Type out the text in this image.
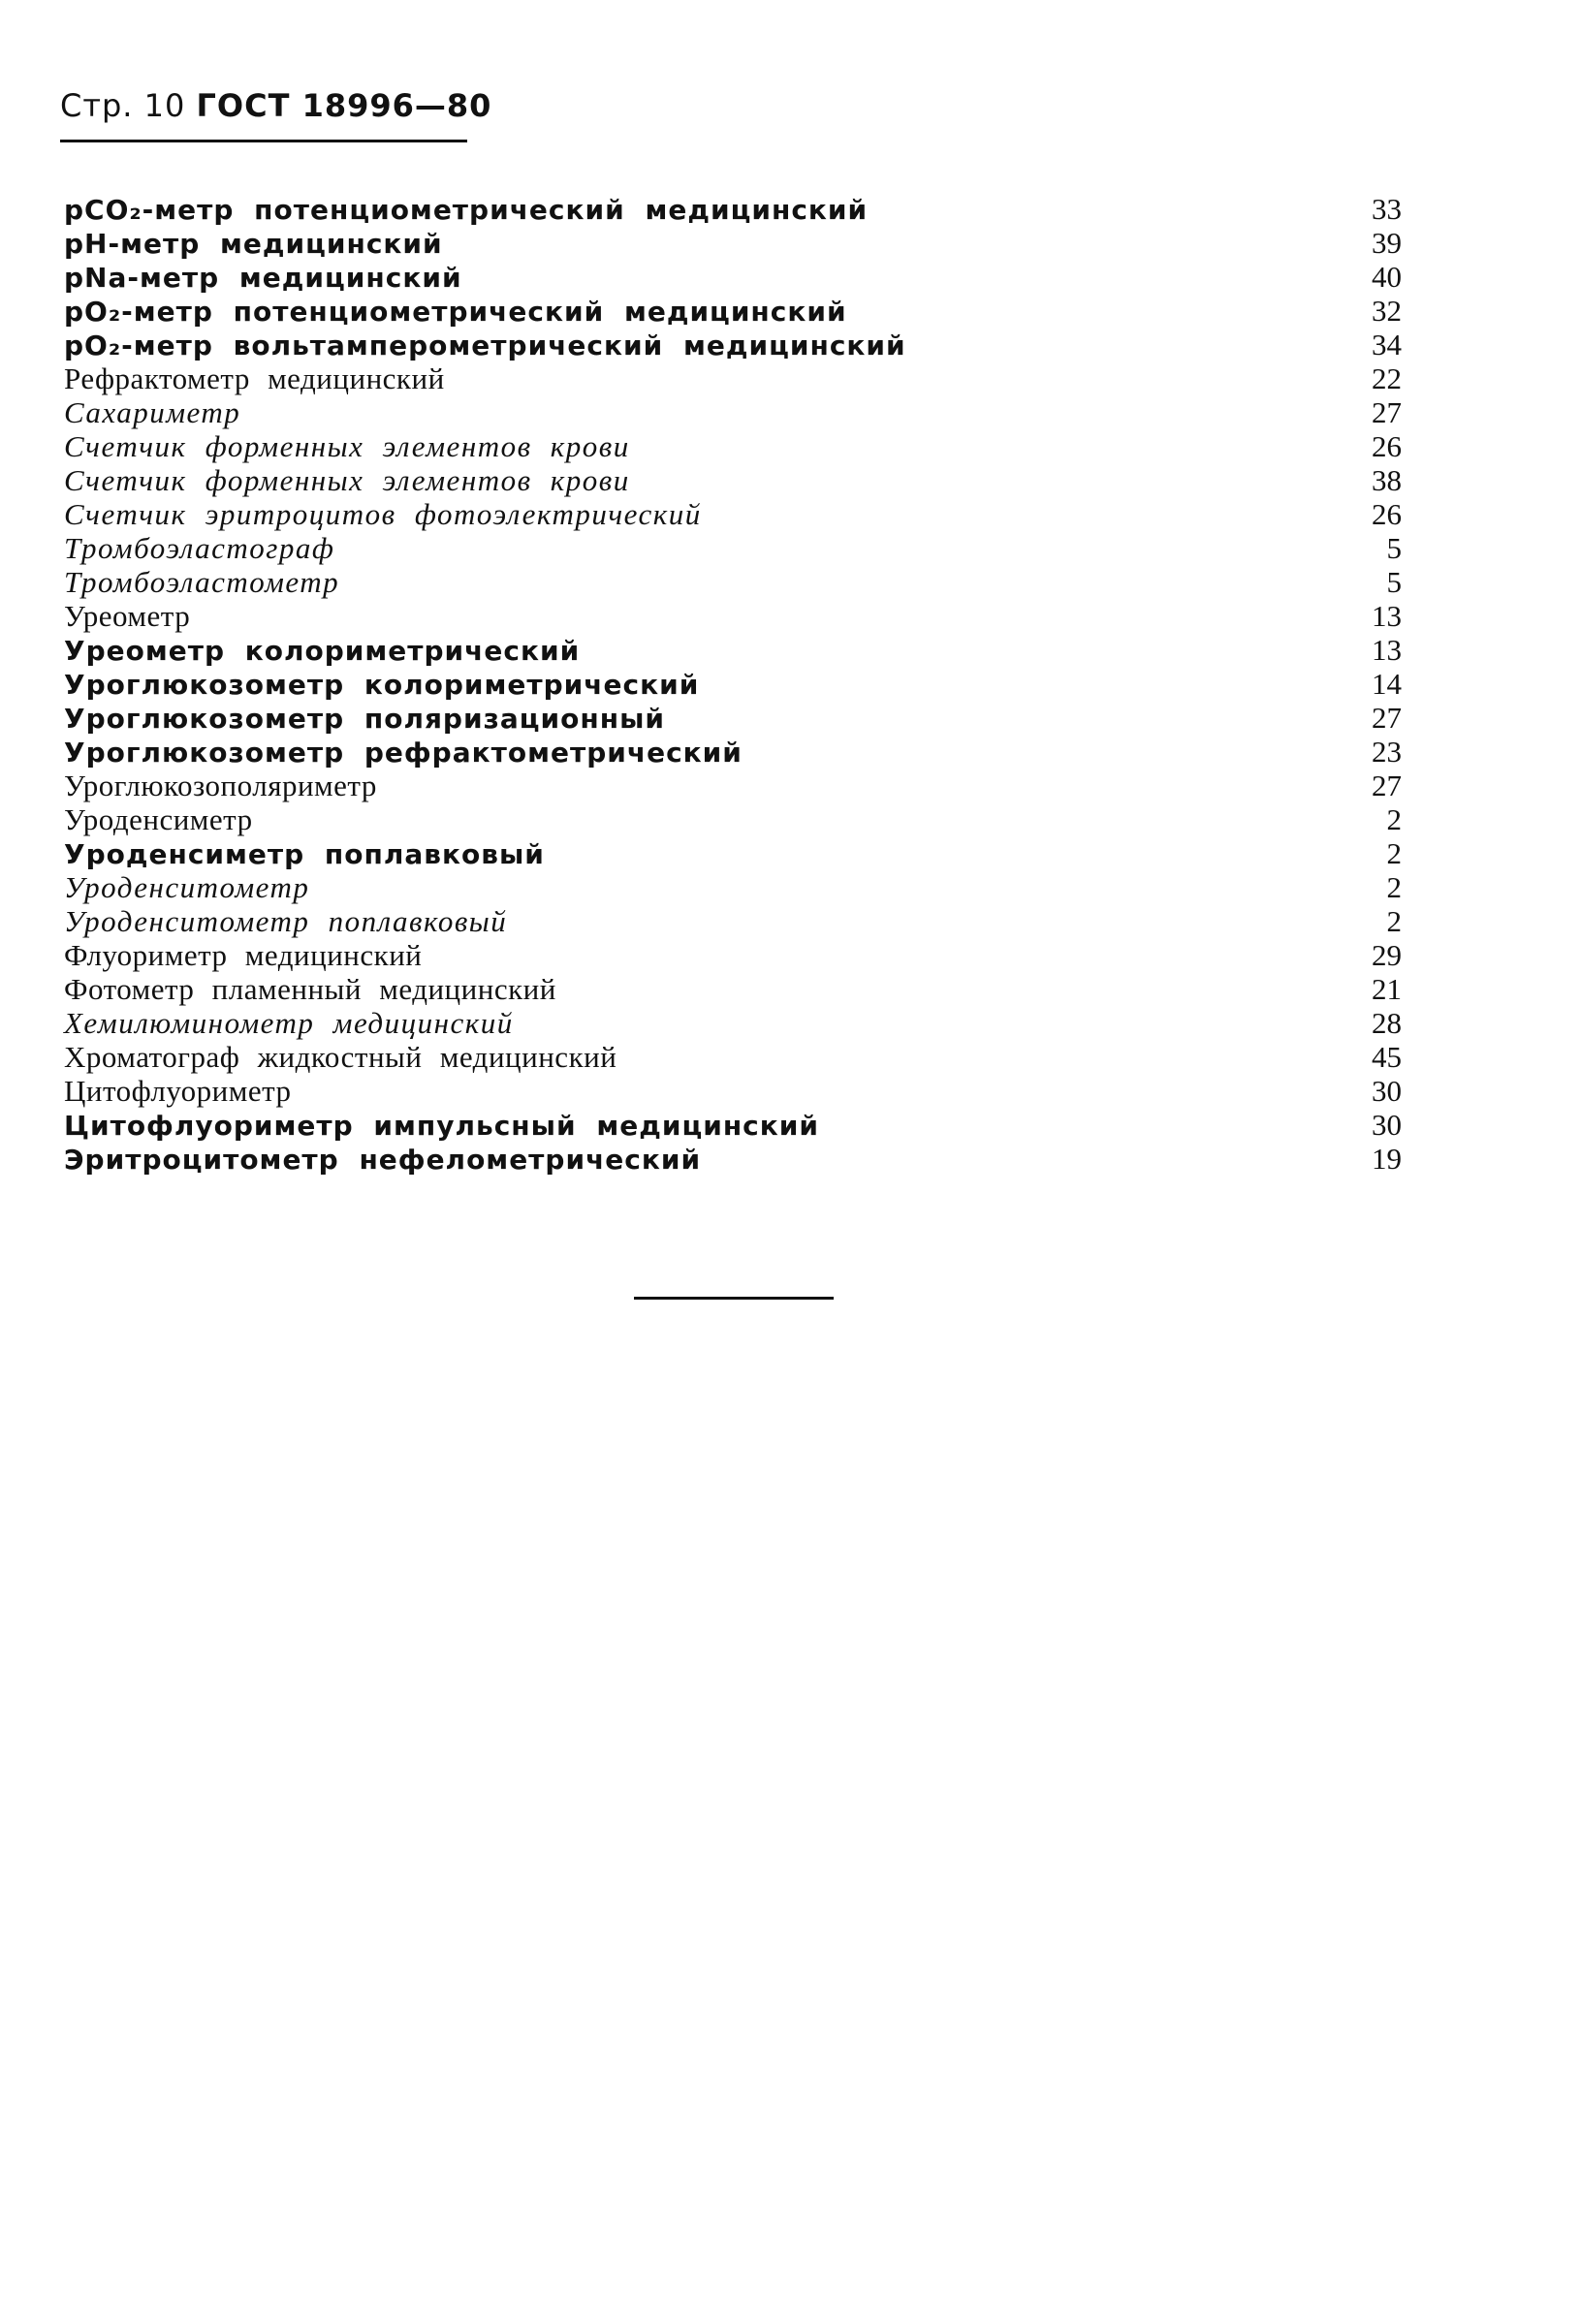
Стр. 10 ГОСТ 18996—80
pCO₂-метр потенциометрический медицинский	33
pH-метр медицинский	39
pNa-метр медицинский	40
pO₂-метр потенциометрический медицинский	32
pO₂-метр вольтамперометрический медицинский	34
Рефрактометр медицинский	22
Сахариметр	27
Счетчик форменных элементов крови	26
Счетчик форменных элементов крови	38
Счетчик эритроцитов фотоэлектрический	26
Тромбоэластограф	5
Тромбоэластометр	5
Уреометр	13
Уреометр колориметрический	13
Уроглюкозометр колориметрический	14
Уроглюкозометр поляризационный	27
Уроглюкозометр рефрактометрический	23
Уроглюкозополяриметр	27
Уроденсиметр	2
Уроденсиметр поплавковый	2
Уроденситометр	2
Уроденситометр поплавковый	2
Флуориметр медицинский	29
Фотометр пламенный медицинский	21
Хемилюминометр медицинский	28
Хроматограф жидкостный медицинский	45
Цитофлуориметр	30
Цитофлуориметр импульсный медицинский	30
Эритроцитометр нефелометрический	19
